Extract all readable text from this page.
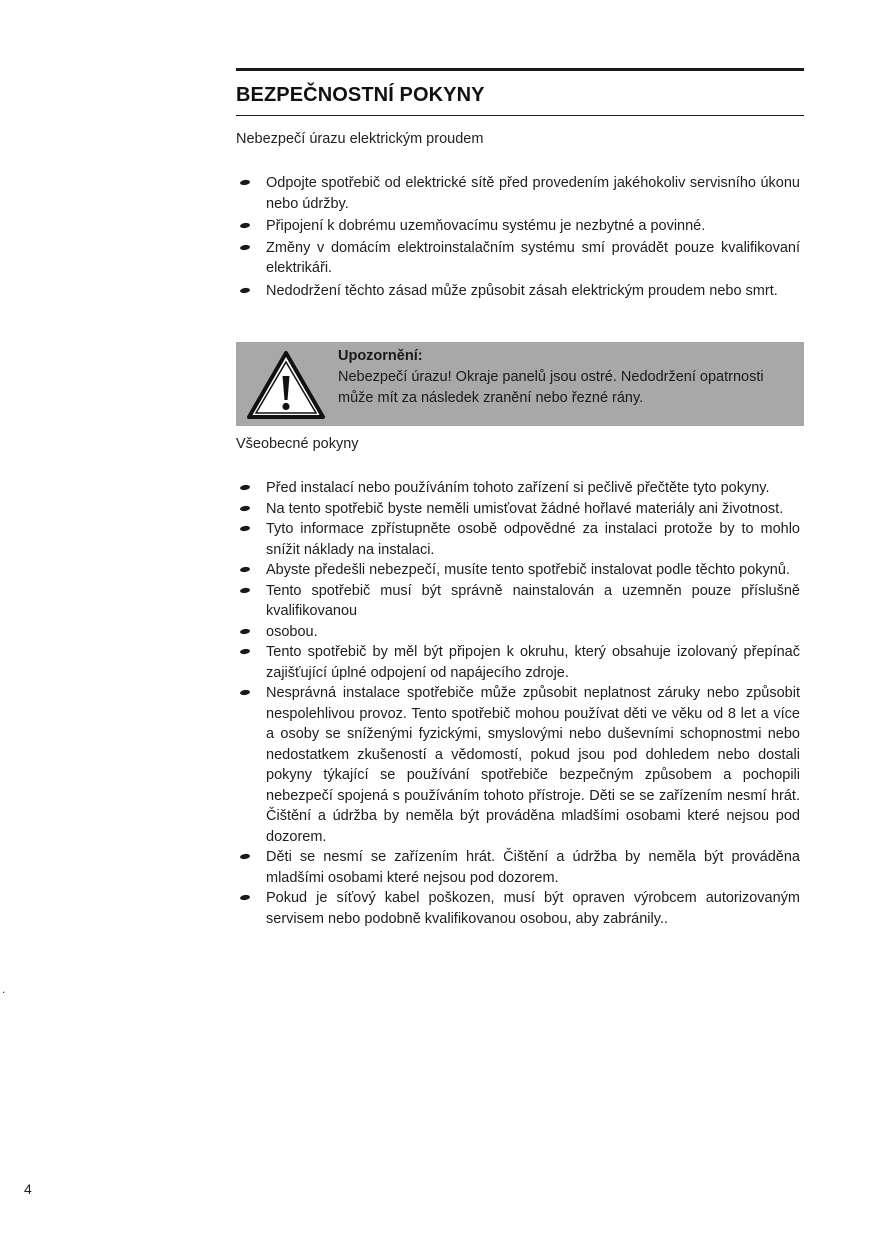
BEZPEČNOSTNÍ POKYNY

Nebezpečí úrazu elektrickým proudem

Odpojte spotřebič od elektrické sítě před provedením jakéhokoliv servisního úkonu nebo údržby.
Připojení k dobrému uzemňovacímu systému je nezbytné a povinné.
Změny v domácím elektroinstalačním systému smí provádět pouze kvalifikovaní elektrikáři.
Nedodržení těchto zásad může způsobit zásah elektrickým proudem nebo smrt.
Upozornění:
Nebezpečí úrazu! Okraje panelů jsou ostré. Nedodržení opatrnosti může mít za následek zranění nebo řezné rány.

Všeobecné pokyny

Před instalací nebo používáním tohoto zařízení si pečlivě přečtěte tyto pokyny.
Na tento spotřebič byste neměli umisťovat žádné hořlavé materiály ani životnost.
Tyto informace zpřístupněte osobě odpovědné za instalaci protože by to mohlo snížit náklady na instalaci.
Abyste předešli nebezpečí, musíte tento spotřebič instalovat podle těchto pokynů.
Tento spotřebič musí být správně nainstalován a uzemněn pouze příslušně kvalifikovanou
osobou.
Tento spotřebič by měl být připojen k okruhu, který obsahuje izolovaný přepínač zajišťující úplné odpojení od napájecího zdroje.
Nesprávná instalace spotřebiče může způsobit neplatnost záruky nebo způsobit nespolehlivou provoz. Tento spotřebič mohou používat děti ve věku od 8 let a více a osoby se sníženými fyzickými, smyslovými nebo duševními schopnostmi nebo nedostatkem zkušeností a vědomostí, pokud jsou pod dohledem nebo dostali pokyny týkající se používání spotřebiče bezpečným způsobem a pochopili nebezpečí spojená s používáním tohoto přístroje. Děti se se zařízením nesmí hrát. Čištění a údržba by neměla být prováděna mladšími osobami které nejsou pod dozorem.
Děti se nesmí se zařízením hrát. Čištění a údržba by neměla být prováděna mladšími osobami které nejsou pod dozorem.
Pokud je síťový kabel poškozen, musí být opraven výrobcem autorizovaným servisem nebo podobně kvalifikovanou osobou, aby zabránily..
.
4
